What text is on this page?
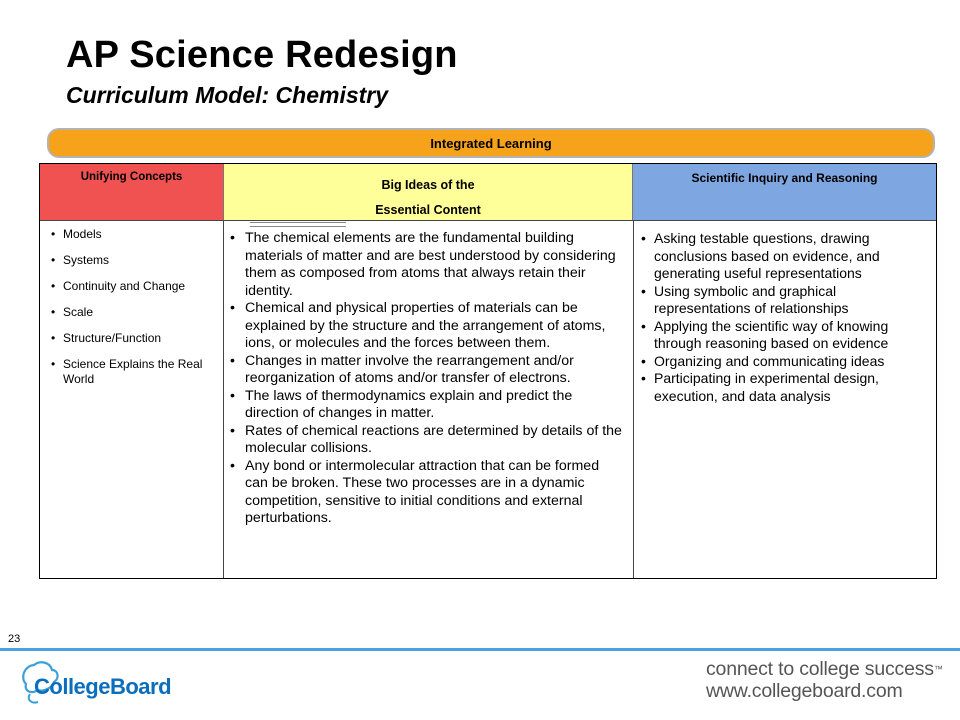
AP Science Redesign
Curriculum Model: Chemistry
Integrated Learning
Unifying Concepts
Big Ideas of the
Essential Content
Scientific Inquiry and Reasoning
• Models
• Systems
• Continuity and Change
• Scale
• Structure/Function
• Science Explains the Real World
• The chemical elements are the fundamental building materials of matter and are best understood by considering them as composed from atoms that always retain their identity.
• Chemical and physical properties of materials can be explained by the structure and the arrangement of atoms, ions, or molecules and the forces between them.
• Changes in matter involve the rearrangement and/or reorganization of atoms and/or transfer of electrons.
• The laws of thermodynamics explain and predict the direction of changes in matter.
• Rates of chemical reactions are determined by details of the molecular collisions.
• Any bond or intermolecular attraction that can be formed can be broken. These two processes are in a dynamic competition, sensitive to initial conditions and external perturbations.
• Asking testable questions, drawing conclusions based on evidence, and generating useful representations
• Using symbolic and graphical representations of relationships
• Applying the scientific way of knowing through reasoning based on evidence
• Organizing and communicating ideas
• Participating in experimental design, execution, and data analysis
23
CollegeBoard
connect to college success™
www.collegeboard.com
